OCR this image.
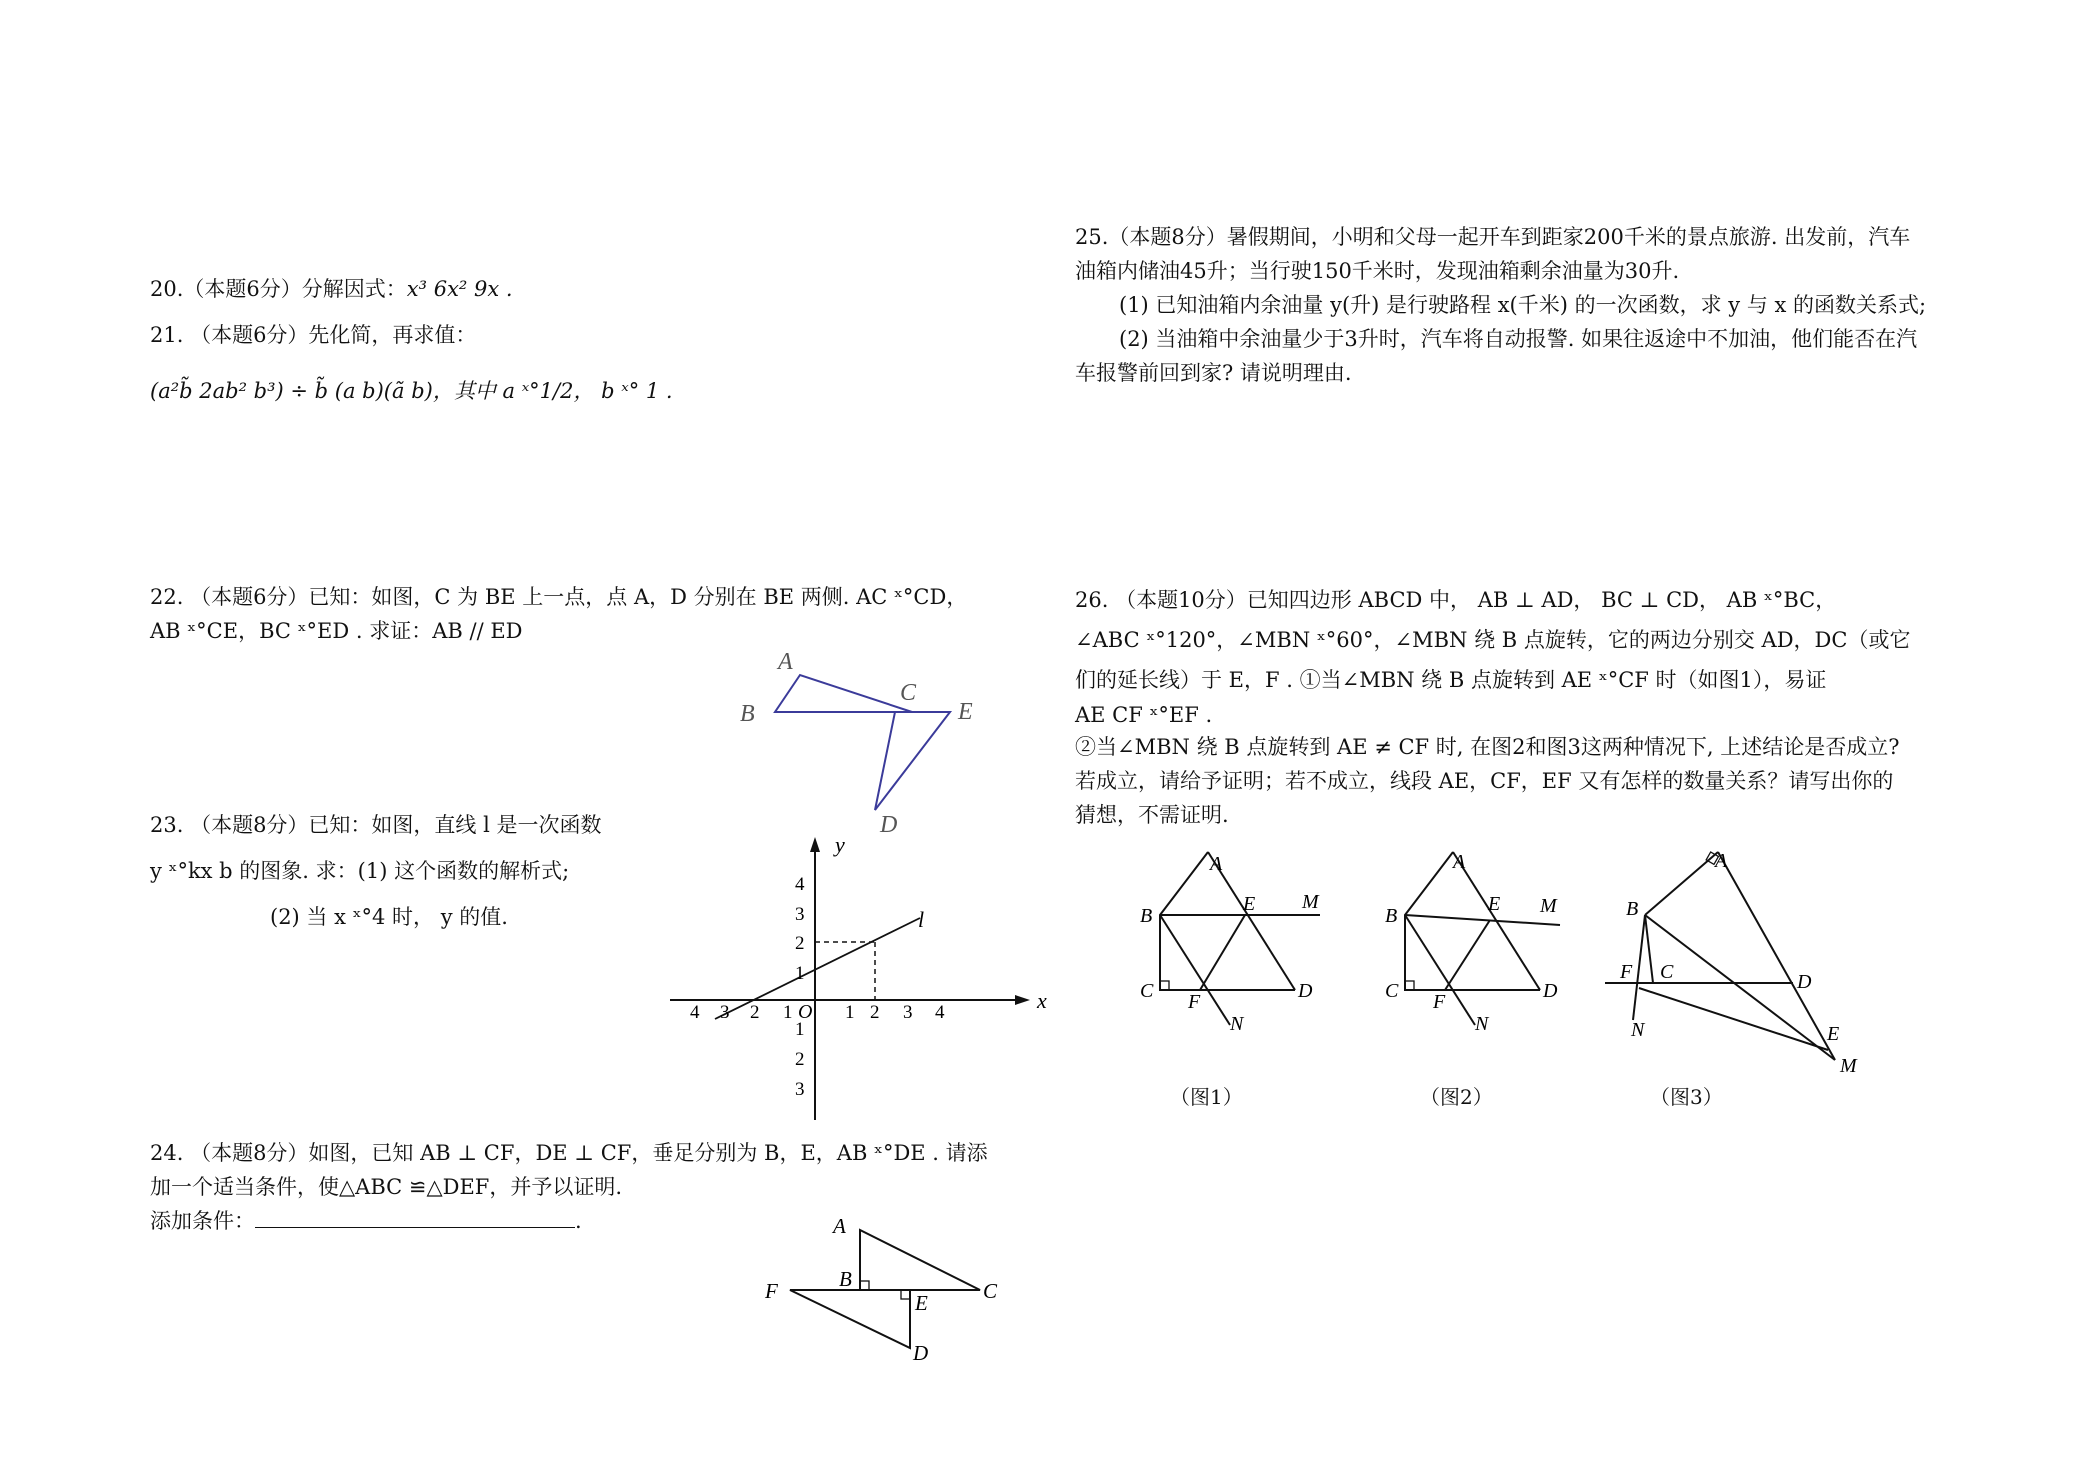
20.（本题6分）分解因式：x³ 6x² 9x .

21. （本题6分）先化简，再求值：

(a²b̃ 2ab² b³) ÷ b̃ (a b)(ã b)，其中 a ˣ°1/2， b ˣ° 1 .

22. （本题6分）已知：如图，C 为 BE 上一点，点 A，D 分别在 BE 两侧. AC ˣ°CD，

AB ˣ°CE，BC ˣ°ED . 求证：AB // ED

A
B
C
E
D

23. （本题8分）已知：如图，直线 l 是一次函数

y ˣ°kx b 的图象. 求：(1) 这个函数的解析式;

(2) 当 x ˣ°4 时， y 的值.

x
y
O
l
4 3 2 1	1 2 3 4
4
3
2
1
1
2
3

24. （本题8分）如图，已知 AB ⊥ CF，DE ⊥ CF，垂足分别为 B，E，AB ˣ°DE . 请添

加一个适当条件，使△ABC ≌△DEF，并予以证明.

添加条件：	.	A
B	C
E
F
D

25.（本题8分）暑假期间，小明和父母一起开车到距家200千米的景点旅游. 出发前，汽车

油箱内储油45升；当行驶150千米时，发现油箱剩余油量为30升.

(1) 已知油箱内余油量 y(升) 是行驶路程 x(千米) 的一次函数，求 y 与 x 的函数关系式;

(2) 当油箱中余油量少于3升时，汽车将自动报警. 如果往返途中不加油，他们能否在汽

车报警前回到家? 请说明理由.

26. （本题10分）已知四边形 ABCD 中， AB ⊥ AD， BC ⊥ CD， AB ˣ°BC，

∠ABC ˣ°120°，∠MBN ˣ°60°，∠MBN 绕 B 点旋转，它的两边分别交 AD，DC（或它

们的延长线）于 E，F . ①当∠MBN 绕 B 点旋转到 AE ˣ°CF 时（如图1），易证

AE CF ˣ°EF .

②当∠MBN 绕 B 点旋转到 AE ≠ CF 时, 在图2和图3这两种情况下, 上述结论是否成立?

若成立，请给予证明；若不成立，线段 AE，CF，EF 又有怎样的数量关系？请写出你的

猜想，不需证明.

A
B
E M
C F	D
N
A
B
E M
C F	D
N
A
B
F C	D
N	E
M
（图1）	（图2）	（图3）
